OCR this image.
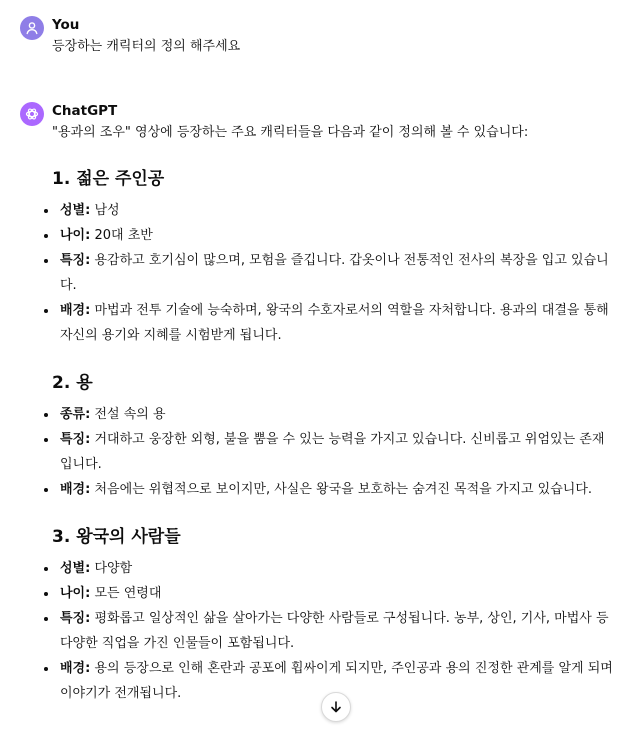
You
등장하는 캐릭터의 정의 해주세요
ChatGPT
"용과의 조우" 영상에 등장하는 주요 캐릭터들을 다음과 같이 정의해 볼 수 있습니다:
1. 젊은 주인공
성별: 남성
나이: 20대 초반
특징: 용감하고 호기심이 많으며, 모험을 즐깁니다. 갑옷이나 전통적인 전사의 복장을 입고 있습니다.
배경: 마법과 전투 기술에 능숙하며, 왕국의 수호자로서의 역할을 자처합니다. 용과의 대결을 통해 자신의 용기와 지혜를 시험받게 됩니다.
2. 용
종류: 전설 속의 용
특징: 거대하고 웅장한 외형, 불을 뿜을 수 있는 능력을 가지고 있습니다. 신비롭고 위엄있는 존재입니다.
배경: 처음에는 위협적으로 보이지만, 사실은 왕국을 보호하는 숨겨진 목적을 가지고 있습니다.
3. 왕국의 사람들
성별: 다양함
나이: 모든 연령대
특징: 평화롭고 일상적인 삶을 살아가는 다양한 사람들로 구성됩니다. 농부, 상인, 기사, 마법사 등 다양한 직업을 가진 인물들이 포함됩니다.
배경: 용의 등장으로 인해 혼란과 공포에 휩싸이게 되지만, 주인공과 용의 진정한 관계를 알게 되며 이야기가 전개됩니다.
